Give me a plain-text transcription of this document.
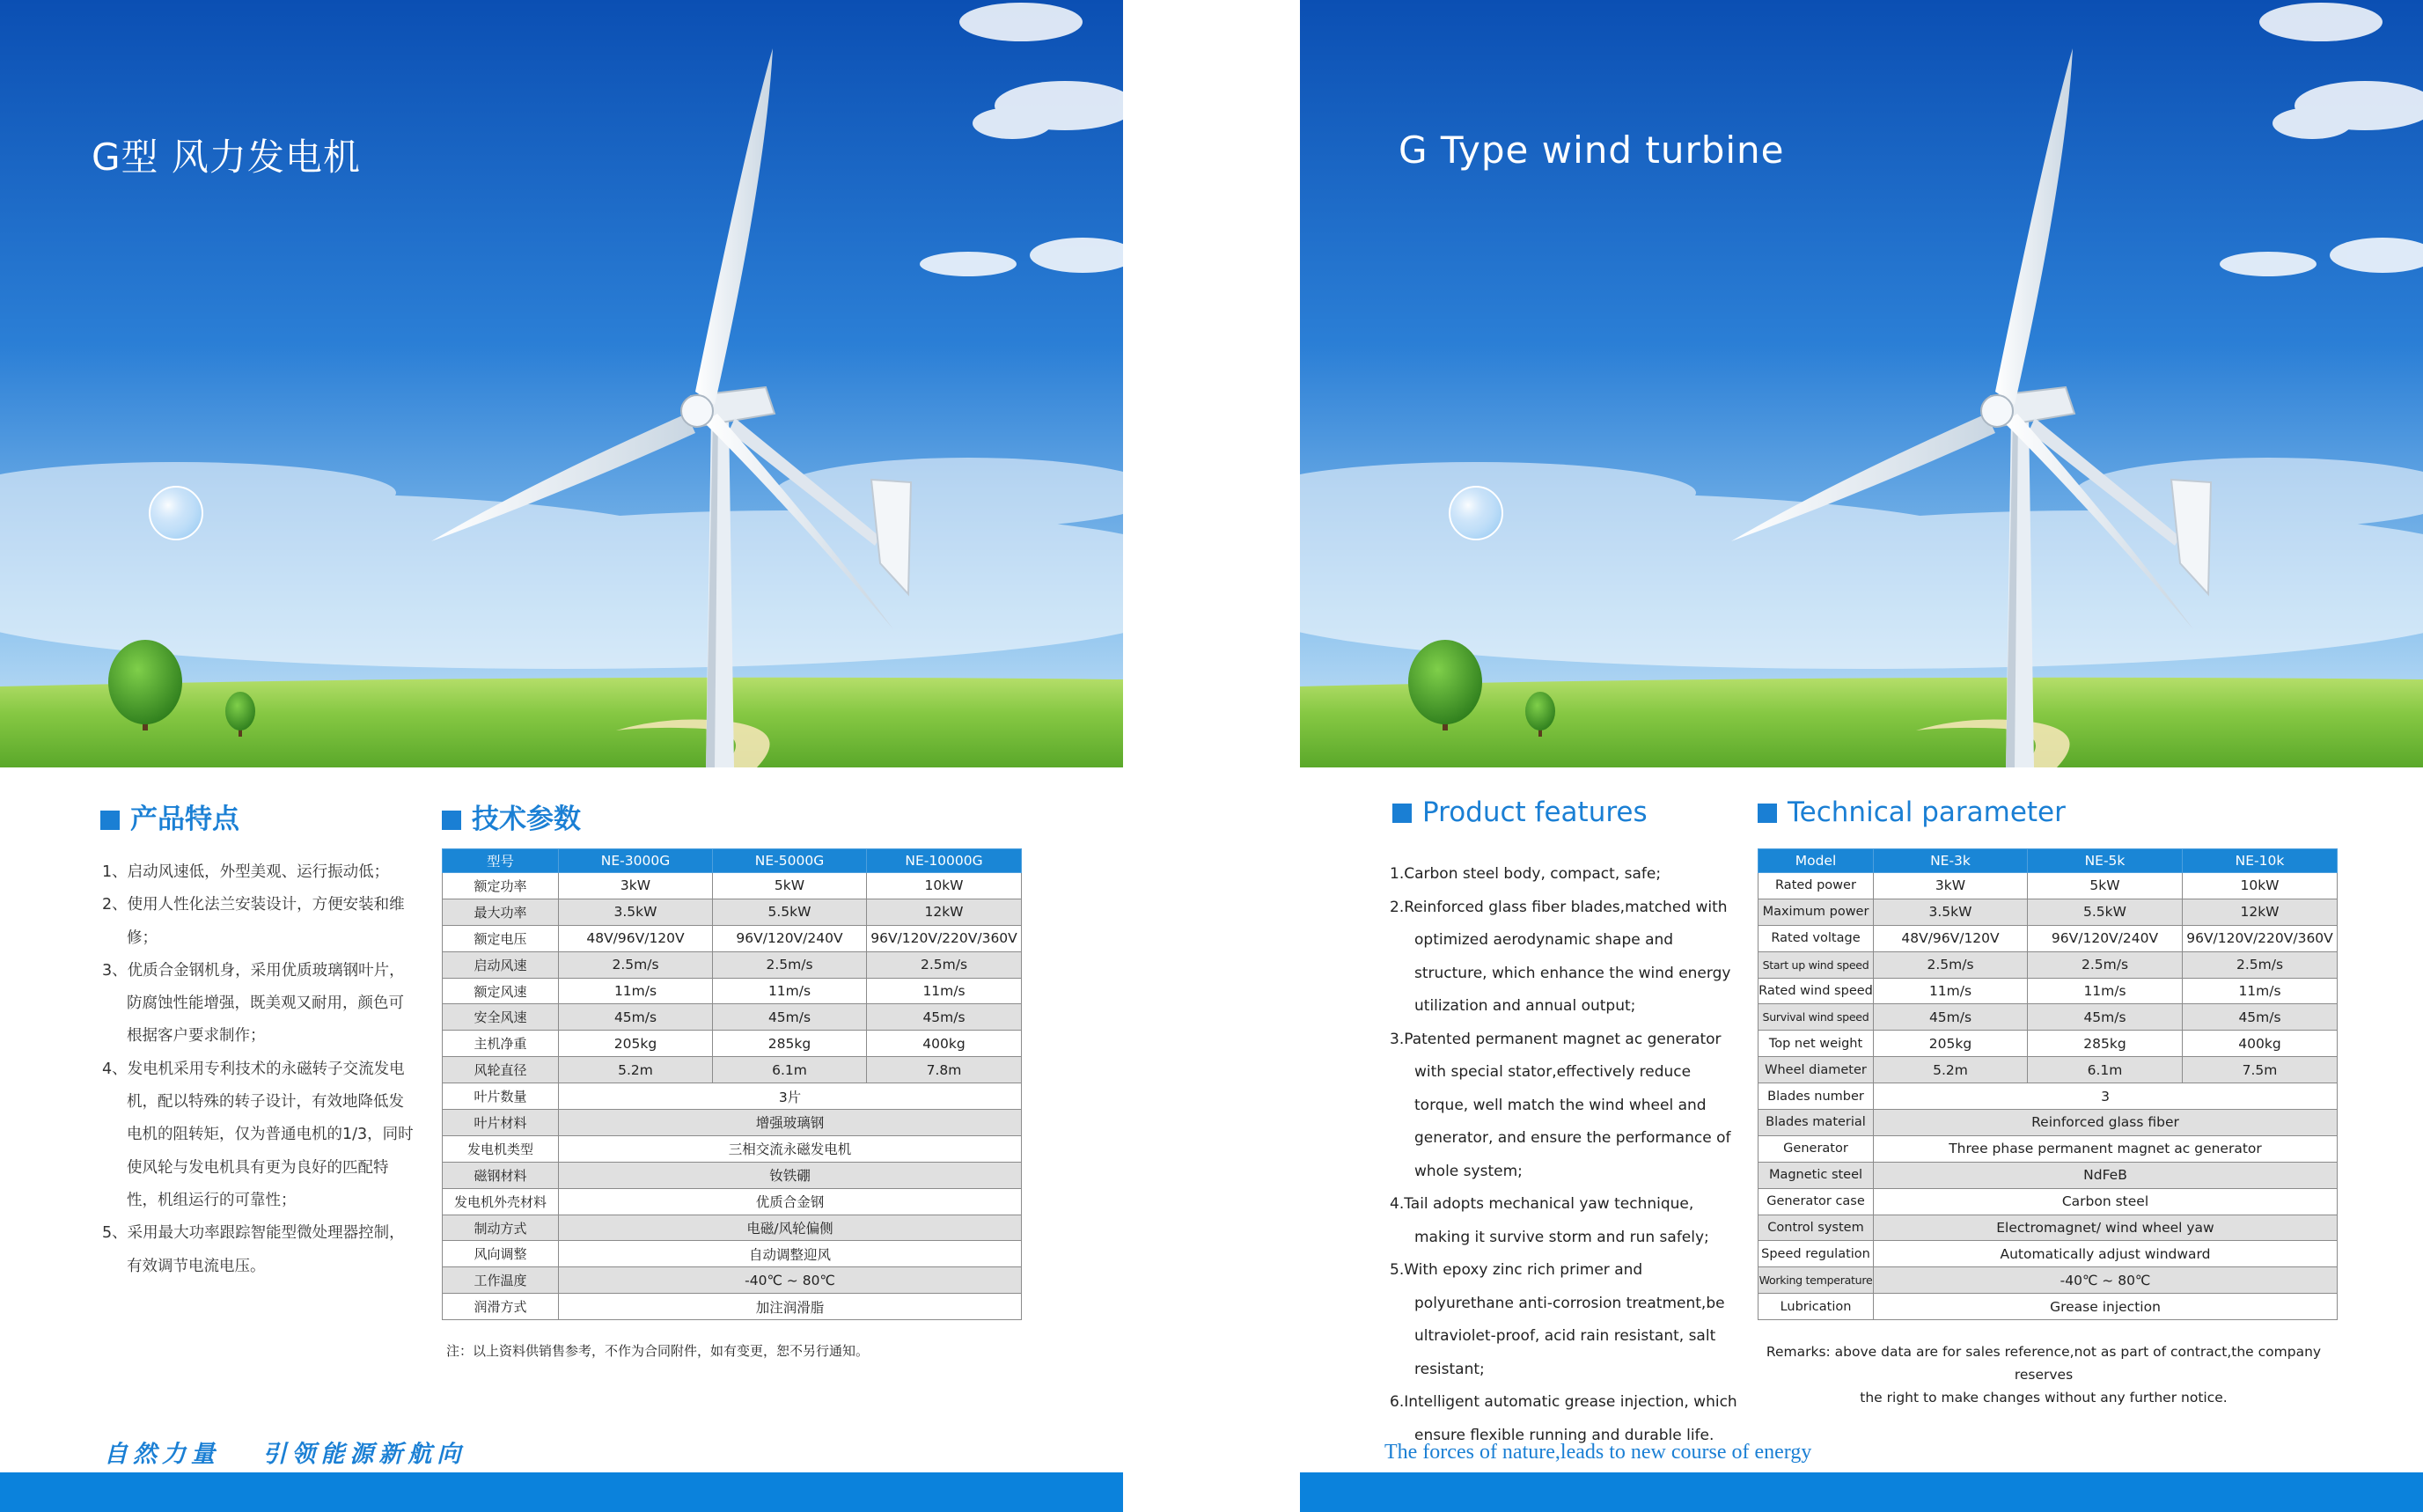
G型 风力发电机
产品特点	技术参数
1、启动风速低，外型美观、运行振动低；
2、使用人性化法兰安装设计，方便安装和维修；
3、优质合金钢机身，采用优质玻璃钢叶片，防腐蚀性能增强，既美观又耐用，颜色可根据客户要求制作；
4、发电机采用专利技术的永磁转子交流发电机，配以特殊的转子设计，有效地降低发电机的阻转矩，仅为普通电机的1/3，同时使风轮与发电机具有更为良好的匹配特性，机组运行的可靠性；
5、采用最大功率跟踪智能型微处理器控制，有效调节电流电压。
型号	NE-3000G	NE-5000G	NE-10000G
额定功率	3kW	5kW	10kW
最大功率	3.5kW	5.5kW	12kW
额定电压	48V/96V/120V	96V/120V/240V	96V/120V/220V/360V
启动风速	2.5m/s	2.5m/s	2.5m/s
额定风速	11m/s	11m/s	11m/s
安全风速	45m/s	45m/s	45m/s
主机净重	205kg	285kg	400kg
风轮直径	5.2m	6.1m	7.8m
叶片数量	3片		
叶片材料	增强玻璃钢		
发电机类型	三相交流永磁发电机		
磁钢材料	钕铁硼		
发电机外壳材料	优质合金钢		
制动方式	电磁/风轮偏侧		
风向调整	自动调整迎风		
工作温度	-40℃ ~ 80℃		
润滑方式	加注润滑脂		
注：以上资料供销售参考，不作为合同附件，如有变更，恕不另行通知。
自然力量　 引领能源新航向
G Type wind turbine
Product features	Technical parameter
1.Carbon steel body, compact, safe;
2.Reinforced glass fiber blades,matched with optimized aerodynamic shape and structure, which enhance the wind energy utilization and annual output;
3.Patented permanent magnet ac generator with special stator,effectively reduce torque, well match the wind wheel and generator, and ensure the performance of whole system;
4.Tail adopts mechanical yaw technique, making it survive storm and run safely;
5.With epoxy zinc rich primer and polyurethane anti-corrosion treatment,be ultraviolet-proof, acid rain resistant, salt resistant;
6.Intelligent automatic grease injection, which ensure flexible running and durable life.
Model	NE-3k	NE-5k	NE-10k
Rated power	3kW	5kW	10kW
Maximum power	3.5kW	5.5kW	12kW
Rated voltage	48V/96V/120V	96V/120V/240V	96V/120V/220V/360V
Start up wind speed	2.5m/s	2.5m/s	2.5m/s
Rated wind speed	11m/s	11m/s	11m/s
Survival wind speed	45m/s	45m/s	45m/s
Top net weight	205kg	285kg	400kg
Wheel diameter	5.2m	6.1m	7.5m
Blades number	3		
Blades material	Reinforced glass fiber		
Generator	Three phase permanent magnet ac generator		
Magnetic steel	NdFeB		
Generator case	Carbon steel		
Control system	Electromagnet/ wind wheel yaw		
Speed regulation	Automatically adjust windward		
Working temperature	-40℃ ~ 80℃		
Lubrication	Grease injection		
Remarks: above data are for sales reference,not as part of contract,the company reserves
the right to make changes without any further notice.
The forces of nature,leads to new course of energy
